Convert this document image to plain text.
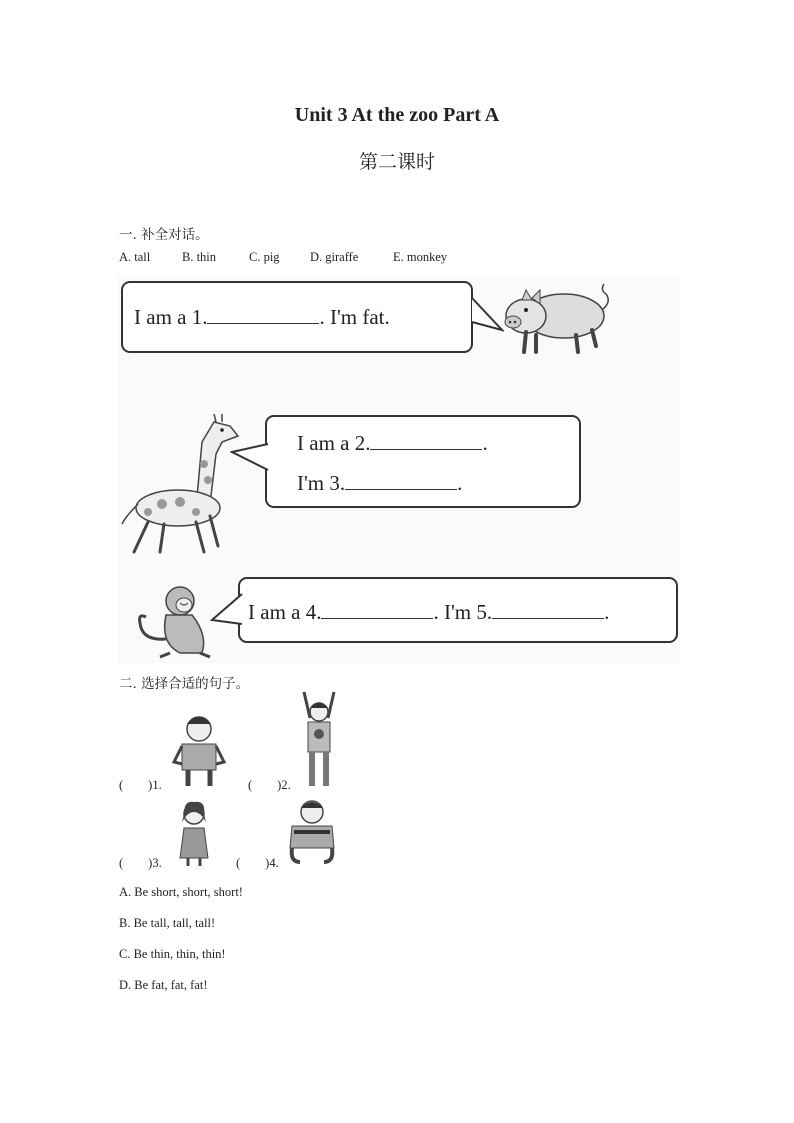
Unit 3 At the zoo Part A
第二课时
一. 补全对话。
A. tall	B. thin	C. pig D. giraffe	E. monkey
I am a 1.	. I'm fat.
I am a 2.	.
I'm 3.	.
I am a 4.	. I'm 5.	.
二. 选择合适的句子。
(　　)1.	(　　)2.
(　　)3.	(　　)4.
A. Be short, short, short!
B. Be tall, tall, tall!
C. Be thin, thin, thin!
D. Be fat, fat, fat!
